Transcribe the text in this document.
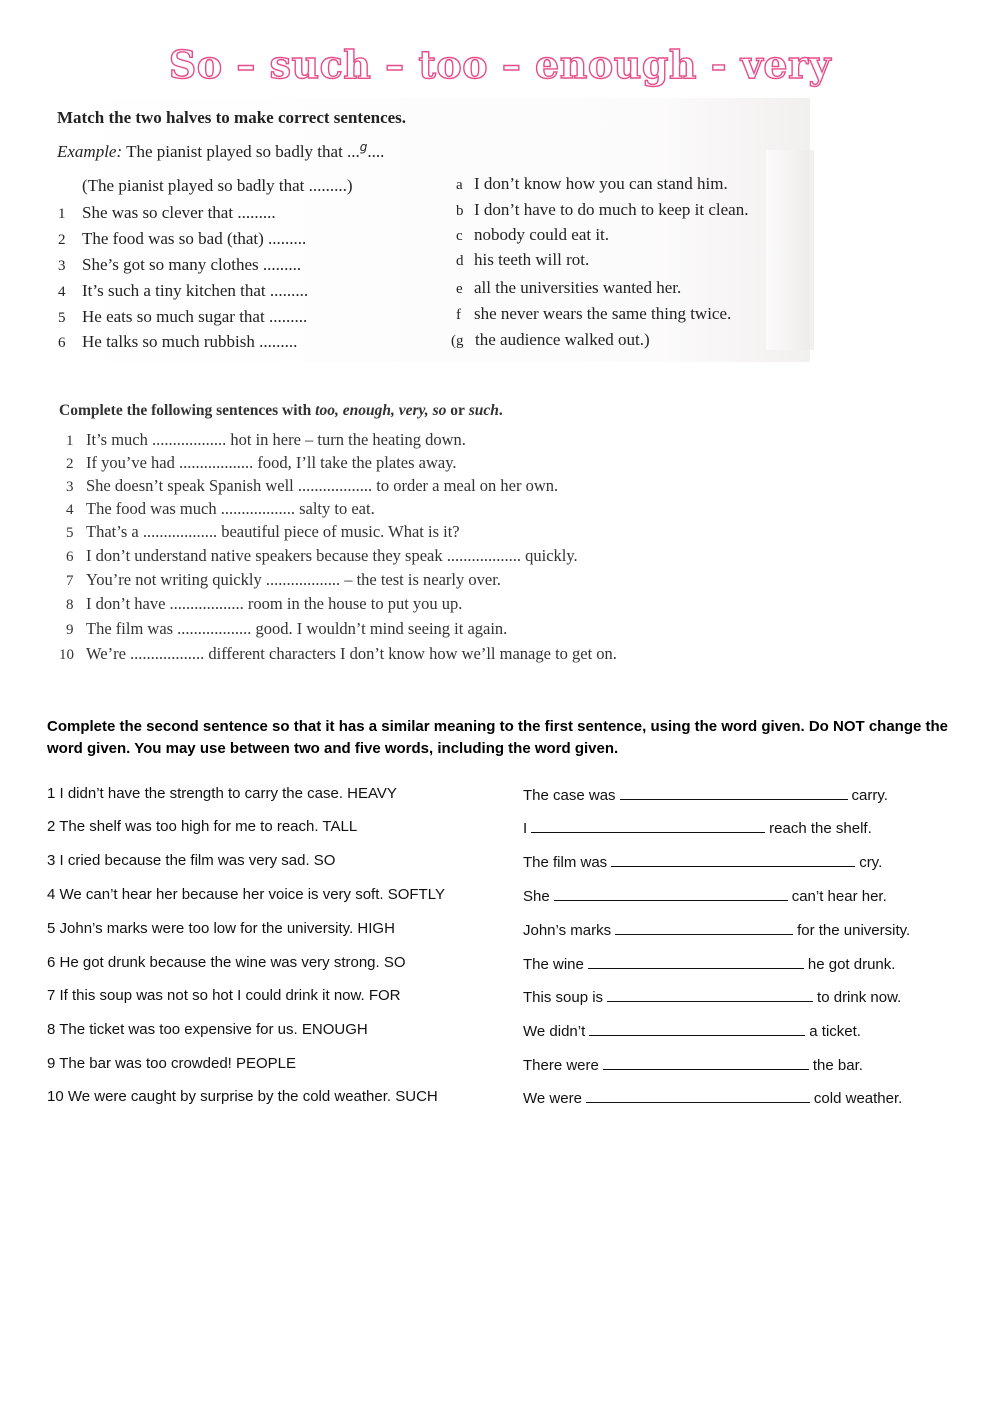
So – such – too – enough - very
Match the two halves to make correct sentences.
Example: The pianist played so badly that ...$^g$....
(The pianist played so badly that .........)
1 She was so clever that .........
2 The food was so bad (that) .........
3 She’s got so many clothes .........
4 It’s such a tiny kitchen that .........
5 He eats so much sugar that .........
6 He talks so much rubbish .........
a I don’t know how you can stand him.
b I don’t have to do much to keep it clean.
c nobody could eat it.
d his teeth will rot.
e all the universities wanted her.
f she never wears the same thing twice.
(g the audience walked out.)
Complete the following sentences with too, enough, very, so or such.
1 It’s much .................. hot in here – turn the heating down.
2 If you’ve had .................. food, I’ll take the plates away.
3 She doesn’t speak Spanish well .................. to order a meal on her own.
4 The food was much .................. salty to eat.
5 That’s a .................. beautiful piece of music. What is it?
6 I don’t understand native speakers because they speak .................. quickly.
7 You’re not writing quickly .................. – the test is nearly over.
8 I don’t have .................. room in the house to put you up.
9 The film was .................. good. I wouldn’t mind seeing it again.
10 We’re .................. different characters I don’t know how we’ll manage to get on.
Complete the second sentence so that it has a similar meaning to the first sentence, using the word given. Do NOT change the word given. You may use between two and five words, including the word given.
1 I didn’t have the strength to carry the case. HEAVY	The case was	carry.
2 The shelf was too high for me to reach. TALL	I	reach the shelf.
3 I cried because the film was very sad. SO	The film was	cry.
4 We can’t hear her because her voice is very soft. SOFTLY	She	can’t hear her.
5 John’s marks were too low for the university. HIGH	John’s marks	for the university.
6 He got drunk because the wine was very strong. SO	The wine	he got drunk.
7 If this soup was not so hot I could drink it now. FOR	This soup is	to drink now.
8 The ticket was too expensive for us. ENOUGH	We didn’t	a ticket.
9 The bar was too crowded! PEOPLE	There were	the bar.
10 We were caught by surprise by the cold weather. SUCH	We were	cold weather.
